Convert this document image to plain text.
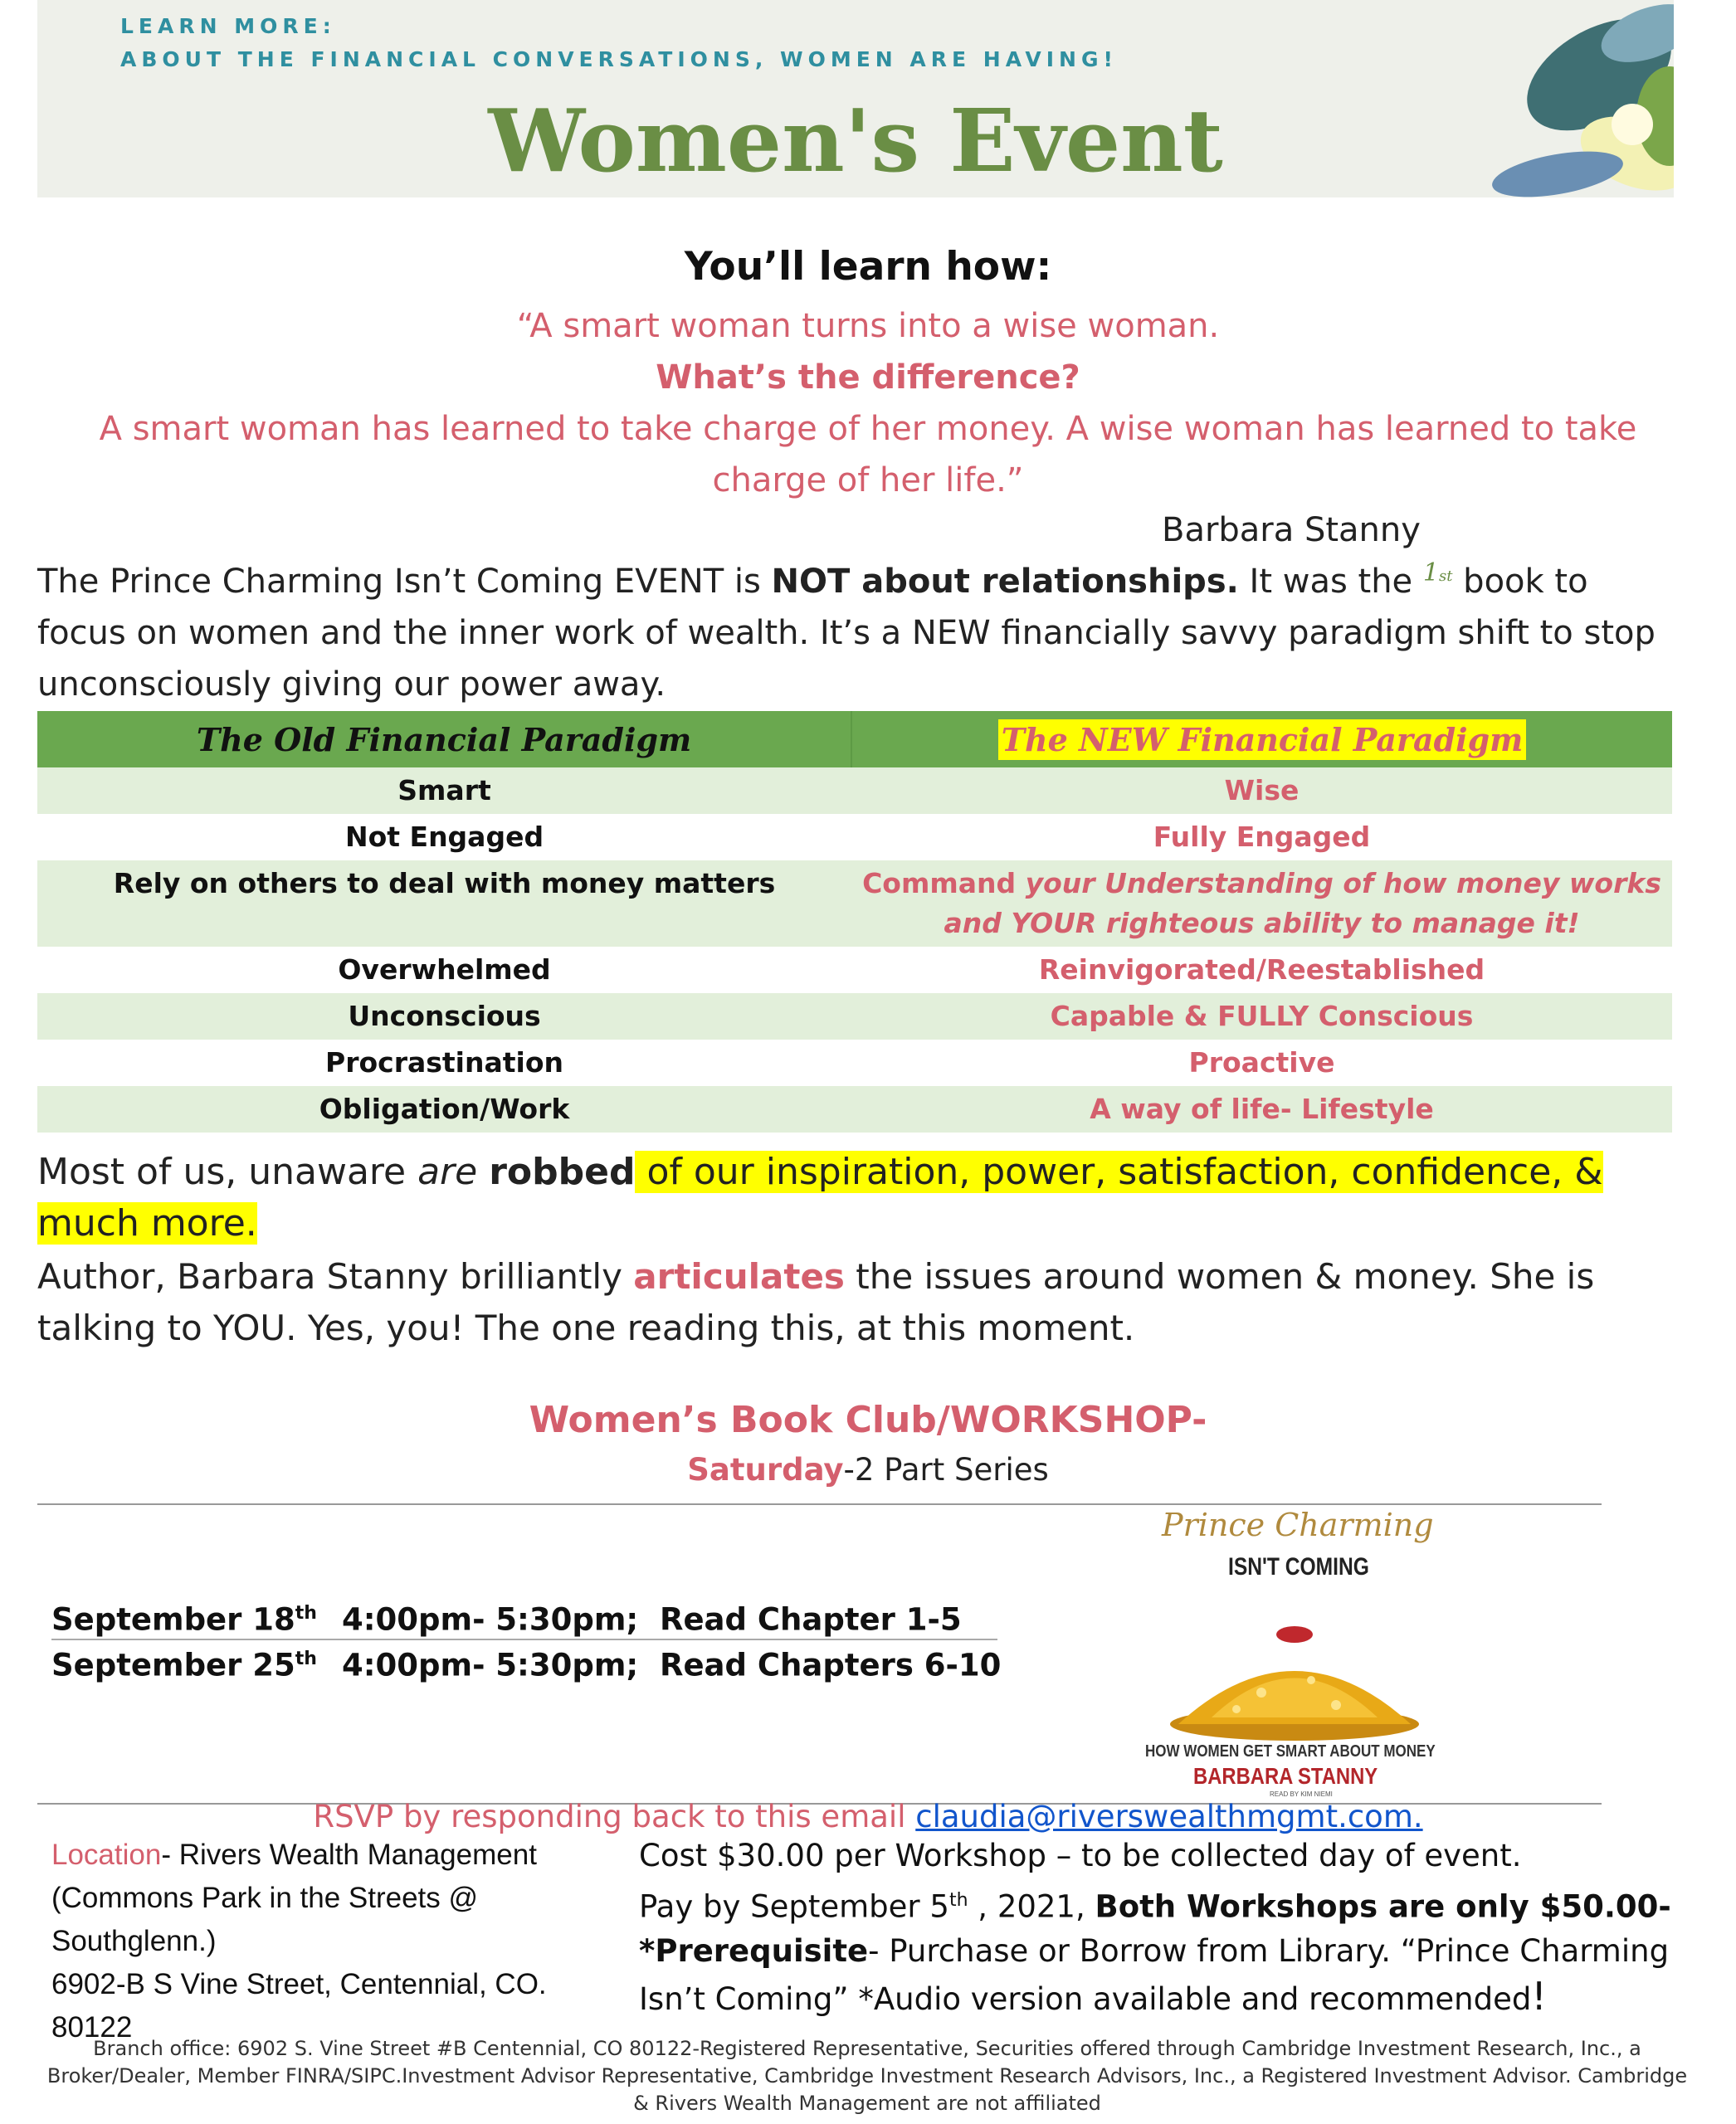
LEARN MORE:
ABOUT THE FINANCIAL CONVERSATIONS, WOMEN ARE HAVING!
Women's Event
You’ll learn how:
“A smart woman turns into a wise woman.
What’s the difference?
A smart woman has learned to take charge of her money. A wise woman has learned to take charge of her life.”
Barbara Stanny
The Prince Charming Isn’t Coming EVENT is NOT about relationships. It was the $^{1st}$ book to focus on women and the inner work of wealth. It’s a NEW financially savvy paradigm shift to stop unconsciously giving our power away.
The Old Financial Paradigm	The NEW Financial Paradigm
Smart	Wise
Not Engaged	Fully Engaged
Rely on others to deal with money matters	Command your Understanding of how money works and YOUR righteous ability to manage it!
Overwhelmed	Reinvigorated/Reestablished
Unconscious	Capable & FULLY Conscious
Procrastination	Proactive
Obligation/Work	A way of life- Lifestyle
Most of us, unaware are robbed of our inspiration, power, satisfaction, confidence, & much more.
Author, Barbara Stanny brilliantly articulates the issues around women & money. She is talking to YOU. Yes, you! The one reading this, at this moment.
Women’s Book Club/WORKSHOP-
Saturday-2 Part Series
September 18th 4:00pm- 5:30pm; Read Chapter 1-5
September 25th 4:00pm- 5:30pm; Read Chapters 6-10
Prince Charming
ISN'T COMING
HOW WOMEN GET SMART ABOUT MONEY
BARBARA STANNY
READ BY KIM NIEMI
RSVP by responding back to this email claudia@riverswealthmgmt.com.
Location- Rivers Wealth Management
(Commons Park in the Streets @
Southglenn.)
6902-B S Vine Street, Centennial, CO. 80122
Cost $30.00 per Workshop – to be collected day of event.
Pay by September 5th , 2021, Both Workshops are only $50.00-
*Prerequisite- Purchase or Borrow from Library. “Prince Charming Isn’t Coming” *Audio version available and recommended!
Branch office: 6902 S. Vine Street #B Centennial, CO 80122-Registered Representative, Securities offered through Cambridge Investment Research, Inc., a Broker/Dealer, Member FINRA/SIPC.Investment Advisor Representative, Cambridge Investment Research Advisors, Inc., a Registered Investment Advisor. Cambridge & Rivers Wealth Management are not affiliated
